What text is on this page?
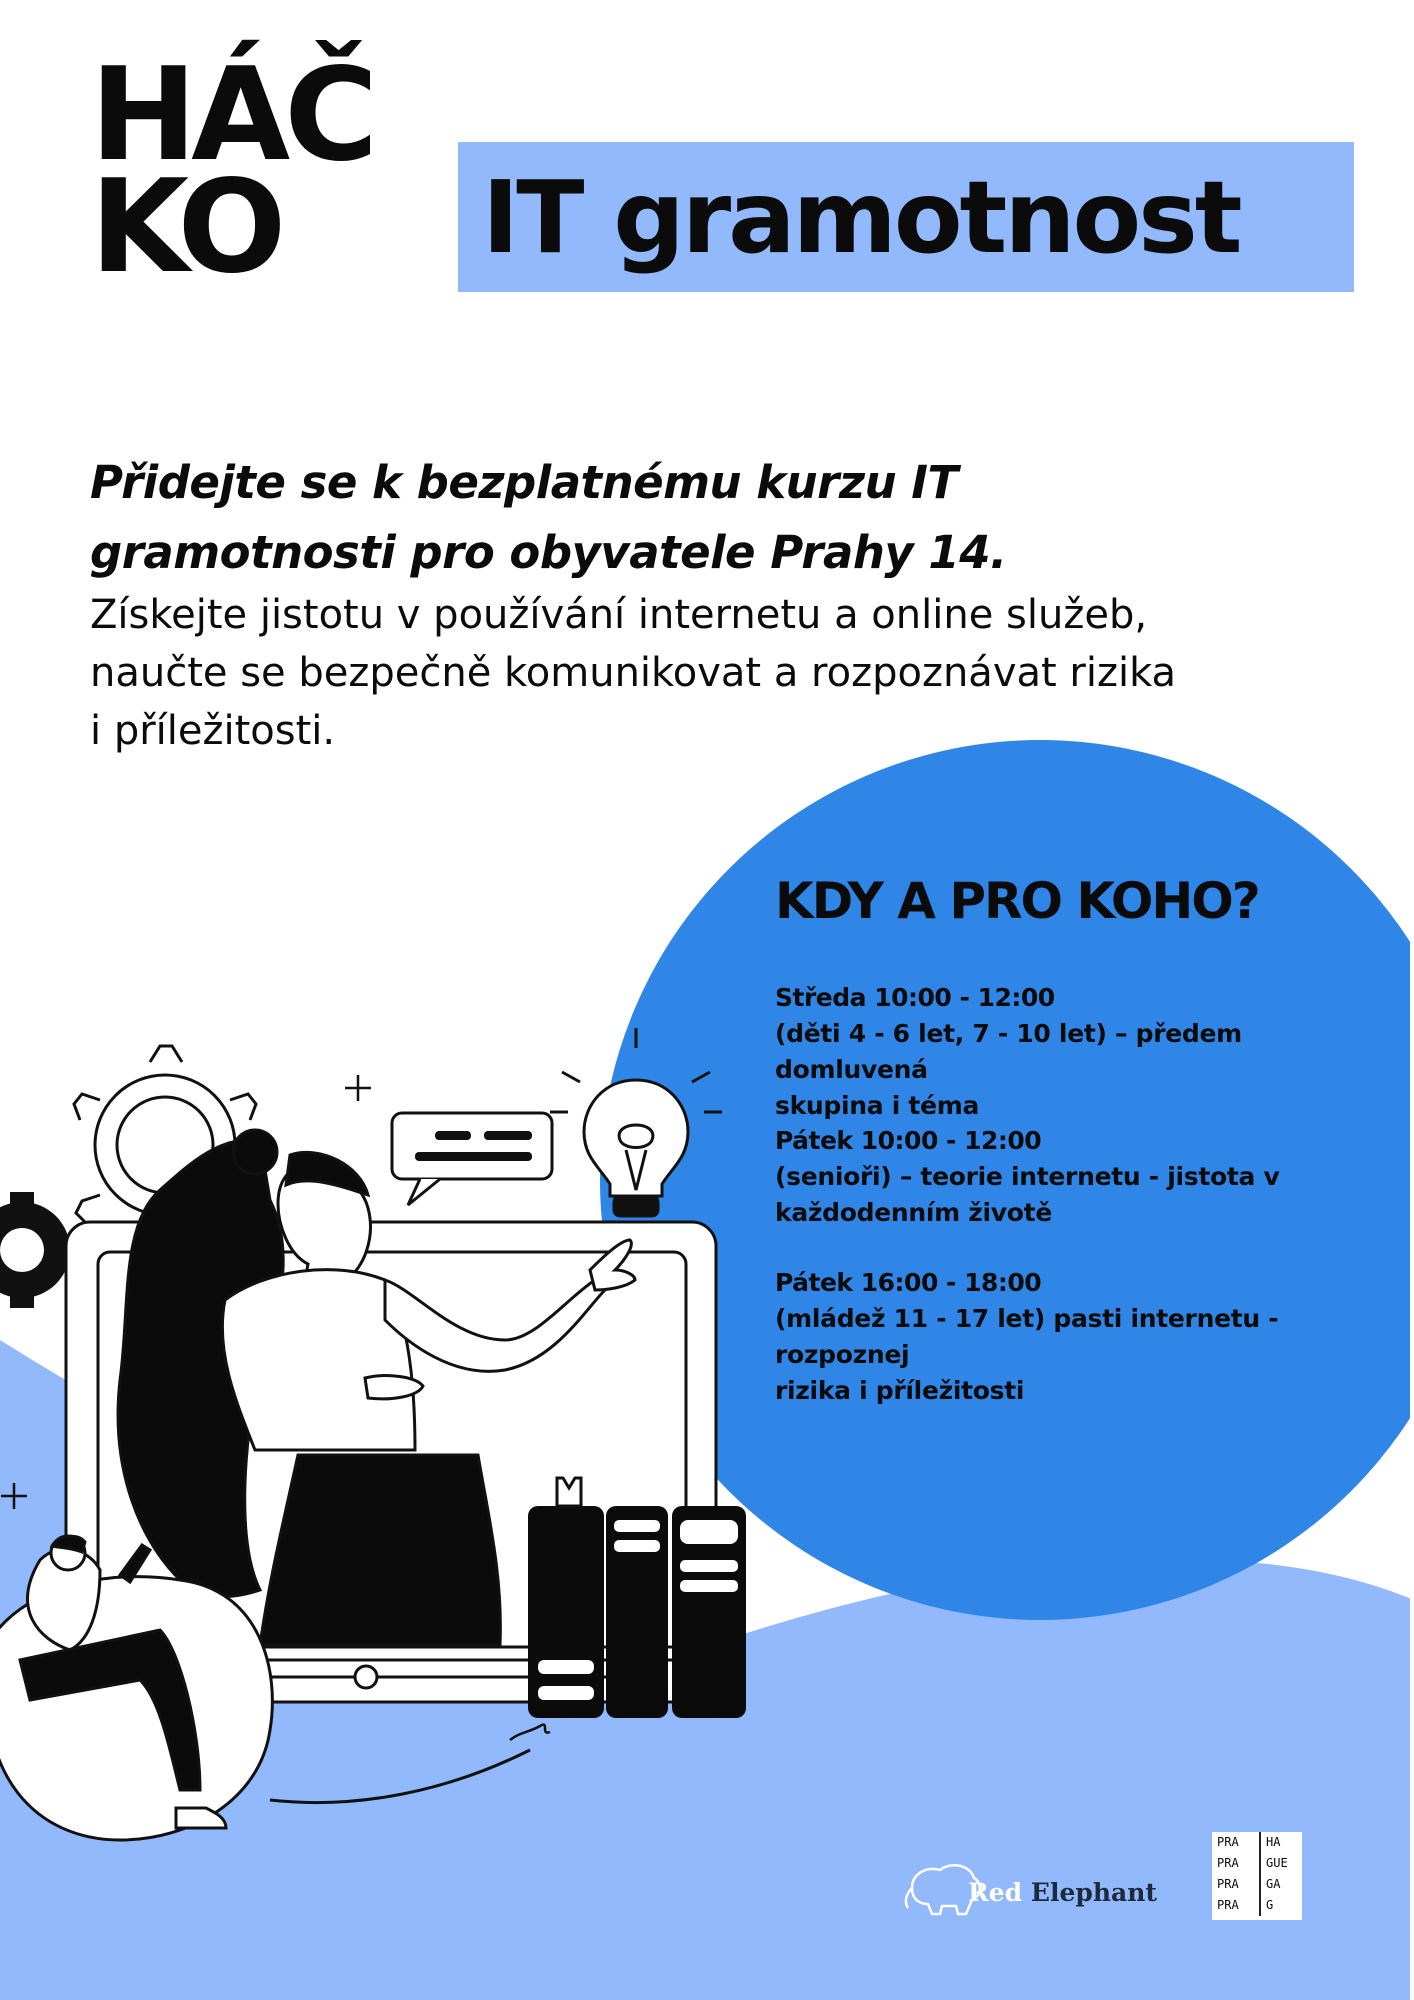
HÁČ
KO	IT gramotnost
Přidejte se k bezplatnému kurzu IT
gramotnosti pro obyvatele Prahy 14.
Získejte jistotu v používání internetu a online služeb,
naučte se bezpečně komunikovat a rozpoznávat rizika
i příležitosti.
KDY A PRO KOHO?
Středa 10:00 - 12:00
(děti 4 - 6 let, 7 - 10 let) – předem domluvená
skupina i téma
Pátek 10:00 - 12:00
(senioři) – teorie internetu - jistota v
každodenním životě
Pátek 16:00 - 18:00
(mládež 11 - 17 let) pasti internetu - rozpoznej
rizika i příležitosti
Red Elephant
PRA	HA
PRA	GUE
PRA	GA
PRA	G
